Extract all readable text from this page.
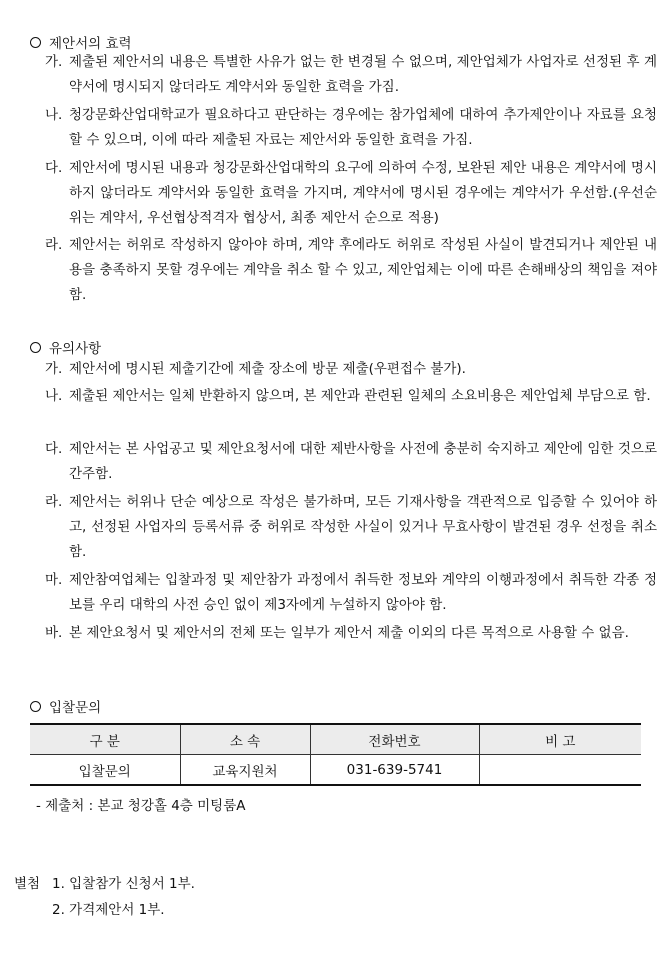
제안서의 효력
가. 제출된 제안서의 내용은 특별한 사유가 없는 한 변경될 수 없으며, 제안업체가 사업자로 선정된 후 계약서에 명시되지 않더라도 계약서와 동일한 효력을 가짐.
나. 청강문화산업대학교가 필요하다고 판단하는 경우에는 참가업체에 대하여 추가제안이나 자료를 요청할 수 있으며, 이에 따라 제출된 자료는 제안서와 동일한 효력을 가짐.
다. 제안서에 명시된 내용과 청강문화산업대학의 요구에 의하여 수정, 보완된 제안 내용은 계약서에 명시하지 않더라도 계약서와 동일한 효력을 가지며, 계약서에 명시된 경우에는 계약서가 우선함.(우선순위는 계약서, 우선협상적격자 협상서, 최종 제안서 순으로 적용)
라. 제안서는 허위로 작성하지 않아야 하며, 계약 후에라도 허위로 작성된 사실이 발견되거나 제안된 내용을 충족하지 못할 경우에는 계약을 취소 할 수 있고, 제안업체는 이에 따른 손해배상의 책임을 져야 함.
유의사항
가. 제안서에 명시된 제출기간에 제출 장소에 방문 제출(우편접수 불가).
나. 제출된 제안서는 일체 반환하지 않으며, 본 제안과 관련된 일체의 소요비용은 제안업체 부담으로 함.
다. 제안서는 본 사업공고 및 제안요청서에 대한 제반사항을 사전에 충분히 숙지하고 제안에 임한 것으로 간주함.
라. 제안서는 허위나 단순 예상으로 작성은 불가하며, 모든 기재사항을 객관적으로 입증할 수 있어야 하고, 선정된 사업자의 등록서류 중 허위로 작성한 사실이 있거나 무효사항이 발견된 경우 선정을 취소함.
마. 제안참여업체는 입찰과정 및 제안참가 과정에서 취득한 정보와 계약의 이행과정에서 취득한 각종 정보를 우리 대학의 사전 승인 없이 제3자에게 누설하지 않아야 함.
바. 본 제안요청서 및 제안서의 전체 또는 일부가 제안서 제출 이외의 다른 목적으로 사용할 수 없음.
입찰문의
구 분	소 속	전화번호	비 고
입찰문의	교육지원처	031-639-5741	
- 제출처 : 본교 청강홀 4층 미팅룸A
별첨 1. 입찰참가 신청서 1부.
2. 가격제안서 1부.
